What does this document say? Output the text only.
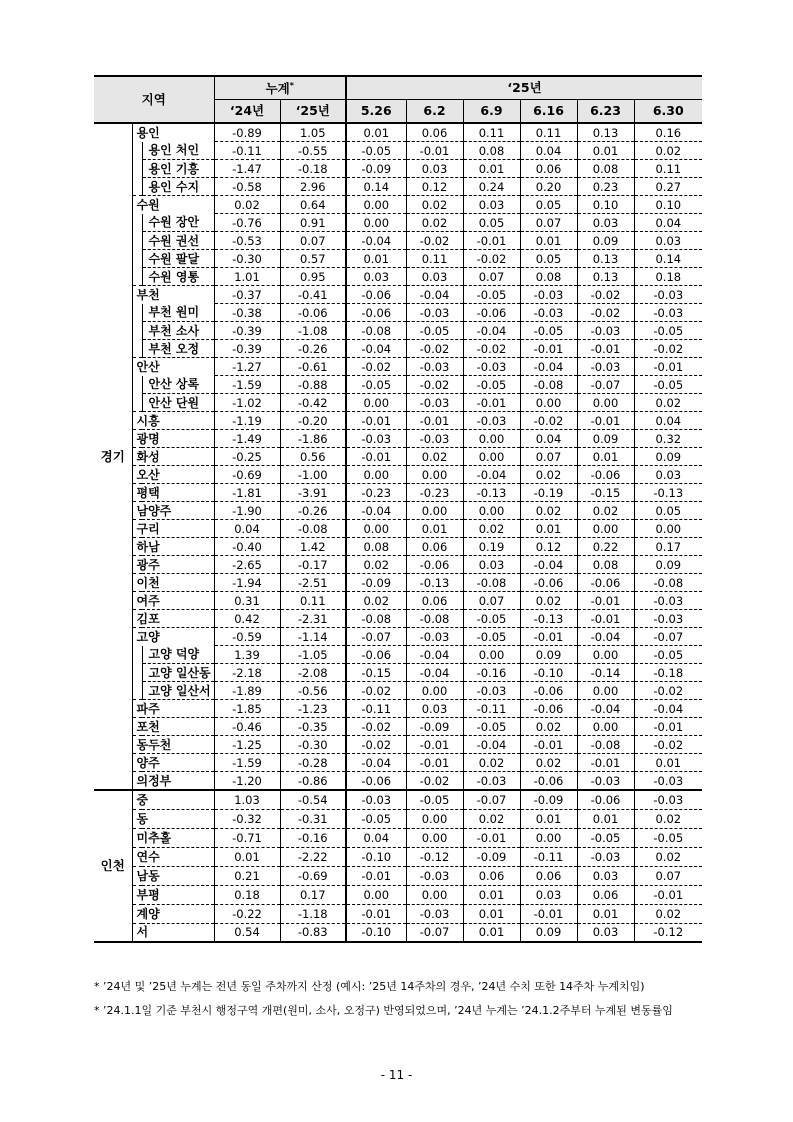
지역			누계*		‘25년					
			‘24년	‘25년	5.26	6.2	6.9	6.16	6.23	6.30
경기	용인		-0.89	1.05	0.01	0.06	0.11	0.11	0.13	0.16
		용인 처인	-0.11	-0.55	-0.05	-0.01	0.08	0.04	0.01	0.02
		용인 기흥	-1.47	-0.18	-0.09	0.03	0.01	0.06	0.08	0.11
		용인 수지	-0.58	2.96	0.14	0.12	0.24	0.20	0.23	0.27
	수원		0.02	0.64	0.00	0.02	0.03	0.05	0.10	0.10
		수원 장안	-0.76	0.91	0.00	0.02	0.05	0.07	0.03	0.04
		수원 권선	-0.53	0.07	-0.04	-0.02	-0.01	0.01	0.09	0.03
		수원 팔달	-0.30	0.57	0.01	0.11	-0.02	0.05	0.13	0.14
		수원 영통	1.01	0.95	0.03	0.03	0.07	0.08	0.13	0.18
	부천		-0.37	-0.41	-0.06	-0.04	-0.05	-0.03	-0.02	-0.03
		부천 원미	-0.38	-0.06	-0.06	-0.03	-0.06	-0.03	-0.02	-0.03
		부천 소사	-0.39	-1.08	-0.08	-0.05	-0.04	-0.05	-0.03	-0.05
		부천 오정	-0.39	-0.26	-0.04	-0.02	-0.02	-0.01	-0.01	-0.02
	안산		-1.27	-0.61	-0.02	-0.03	-0.03	-0.04	-0.03	-0.01
		안산 상록	-1.59	-0.88	-0.05	-0.02	-0.05	-0.08	-0.07	-0.05
		안산 단원	-1.02	-0.42	0.00	-0.03	-0.01	0.00	0.00	0.02
	시흥		-1.19	-0.20	-0.01	-0.01	-0.03	-0.02	-0.01	0.04
	광명		-1.49	-1.86	-0.03	-0.03	0.00	0.04	0.09	0.32
	화성		-0.25	0.56	-0.01	0.02	0.00	0.07	0.01	0.09
	오산		-0.69	-1.00	0.00	0.00	-0.04	0.02	-0.06	0.03
	평택		-1.81	-3.91	-0.23	-0.23	-0.13	-0.19	-0.15	-0.13
	남양주		-1.90	-0.26	-0.04	0.00	0.00	0.02	0.02	0.05
	구리		0.04	-0.08	0.00	0.01	0.02	0.01	0.00	0.00
	하남		-0.40	1.42	0.08	0.06	0.19	0.12	0.22	0.17
	광주		-2.65	-0.17	0.02	-0.06	0.03	-0.04	0.08	0.09
	이천		-1.94	-2.51	-0.09	-0.13	-0.08	-0.06	-0.06	-0.08
	여주		0.31	0.11	0.02	0.06	0.07	0.02	-0.01	-0.03
	김포		0.42	-2.31	-0.08	-0.08	-0.05	-0.13	-0.01	-0.03
	고양		-0.59	-1.14	-0.07	-0.03	-0.05	-0.01	-0.04	-0.07
		고양 덕양	1.39	-1.05	-0.06	-0.04	0.00	0.09	0.00	-0.05
		고양 일산동	-2.18	-2.08	-0.15	-0.04	-0.16	-0.10	-0.14	-0.18
		고양 일산서	-1.89	-0.56	-0.02	0.00	-0.03	-0.06	0.00	-0.02
	파주		-1.85	-1.23	-0.11	0.03	-0.11	-0.06	-0.04	-0.04
	포천		-0.46	-0.35	-0.02	-0.09	-0.05	0.02	0.00	-0.01
	동두천		-1.25	-0.30	-0.02	-0.01	-0.04	-0.01	-0.08	-0.02
	양주		-1.59	-0.28	-0.04	-0.01	0.02	0.02	-0.01	0.01
	의정부		-1.20	-0.86	-0.06	-0.02	-0.03	-0.06	-0.03	-0.03
인천	중		1.03	-0.54	-0.03	-0.05	-0.07	-0.09	-0.06	-0.03
	동		-0.32	-0.31	-0.05	0.00	0.02	0.01	0.01	0.02
	미추홀		-0.71	-0.16	0.04	0.00	-0.01	0.00	-0.05	-0.05
	연수		0.01	-2.22	-0.10	-0.12	-0.09	-0.11	-0.03	0.02
	남동		0.21	-0.69	-0.01	-0.03	0.06	0.06	0.03	0.07
	부평		0.18	0.17	0.00	0.00	0.01	0.03	0.06	-0.01
	계양		-0.22	-1.18	-0.01	-0.03	0.01	-0.01	0.01	0.02
	서		0.54	-0.83	-0.10	-0.07	0.01	0.09	0.03	-0.12
* ’24년 및 ’25년 누계는 전년 동일 주차까지 산정 (예시: ’25년 14주차의 경우, ’24년 수치 또한 14주차 누계치임)
* ’24.1.1일 기준 부천시 행정구역 개편(원미, 소사, 오정구) 반영되었으며, ’24년 누계는 ’24.1.2주부터 누계된 변동률임
- 11 -
